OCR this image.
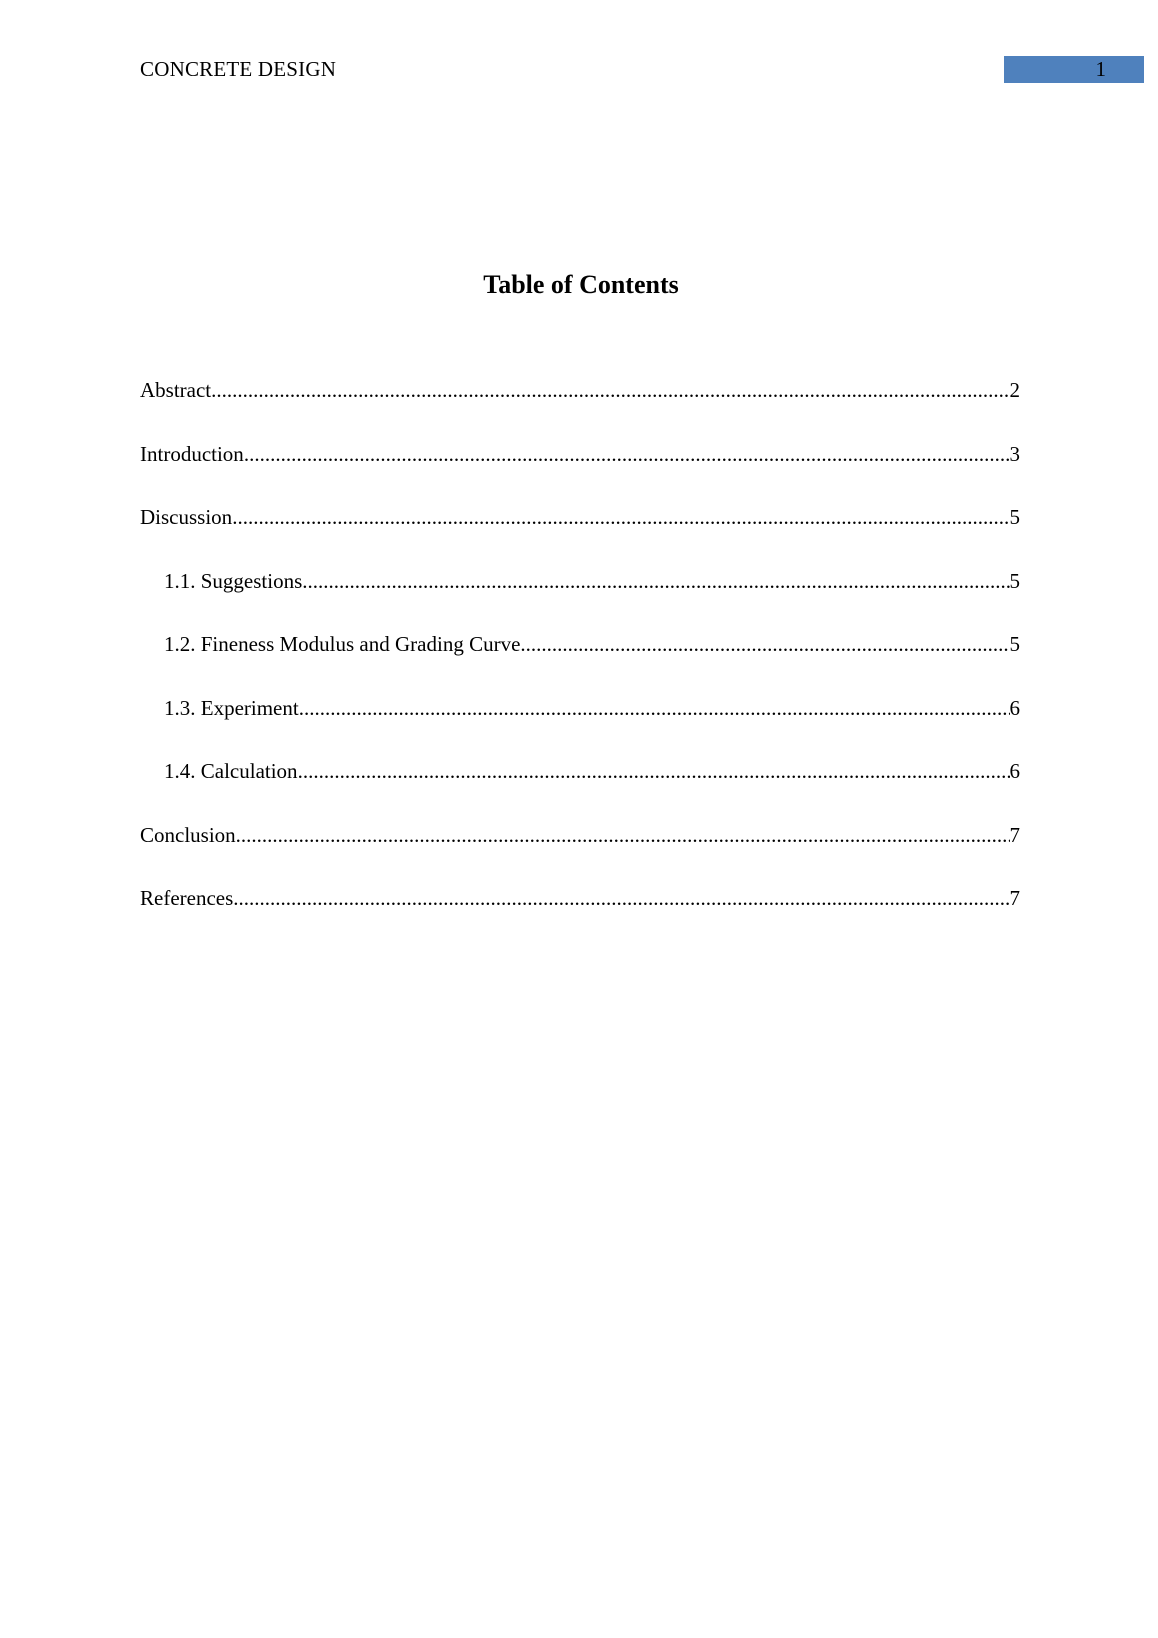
CONCRETE DESIGN	1
Table of Contents
Abstract .....	2
Introduction .....	3
Discussion .....	5
1.1. Suggestions .....	5
1.2. Fineness Modulus and Grading Curve .....	5
1.3. Experiment .....	6
1.4. Calculation .....	6
Conclusion .....	7
References .....	7
